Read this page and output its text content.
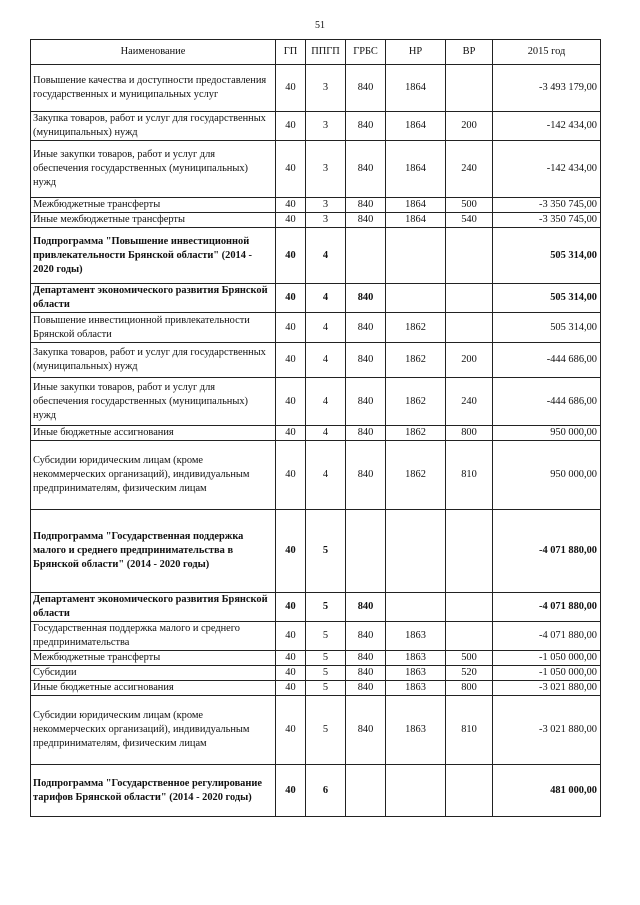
51
Наименование	ГП	ППГП	ГРБС	НР	ВР	2015 год
Повышение качества и доступности предоставления государственных и муниципальных услуг	40	3	840	1864		-3 493 179,00
Закупка товаров, работ и услуг для государственных (муниципальных) нужд	40	3	840	1864	200	-142 434,00
Иные закупки товаров, работ и услуг для обеспечения государственных (муниципальных) нужд	40	3	840	1864	240	-142 434,00
Межбюджетные трансферты	40	3	840	1864	500	-3 350 745,00
Иные межбюджетные трансферты	40	3	840	1864	540	-3 350 745,00
Подпрограмма "Повышение инвестиционной привлекательности Брянской области" (2014 - 2020 годы)	40	4				505 314,00
Департамент экономического развития Брянской области	40	4	840			505 314,00
Повышение инвестиционной привлекательности Брянской области	40	4	840	1862		505 314,00
Закупка товаров, работ и услуг для государственных (муниципальных) нужд	40	4	840	1862	200	-444 686,00
Иные закупки товаров, работ и услуг для обеспечения государственных (муниципальных) нужд	40	4	840	1862	240	-444 686,00
Иные бюджетные ассигнования	40	4	840	1862	800	950 000,00
Субсидии юридическим лицам (кроме некоммерческих организаций), индивидуальным предпринимателям, физическим лицам	40	4	840	1862	810	950 000,00
Подпрограмма "Государственная поддержка малого и среднего предпринимательства в Брянской области" (2014 - 2020 годы)	40	5				-4 071 880,00
Департамент экономического развития Брянской области	40	5	840			-4 071 880,00
Государственная поддержка малого и среднего предпринимательства	40	5	840	1863		-4 071 880,00
Межбюджетные трансферты	40	5	840	1863	500	-1 050 000,00
Субсидии	40	5	840	1863	520	-1 050 000,00
Иные бюджетные ассигнования	40	5	840	1863	800	-3 021 880,00
Субсидии юридическим лицам (кроме некоммерческих организаций), индивидуальным предпринимателям, физическим лицам	40	5	840	1863	810	-3 021 880,00
Подпрограмма "Государственное регулирование тарифов Брянской области" (2014 - 2020 годы)	40	6				481 000,00
